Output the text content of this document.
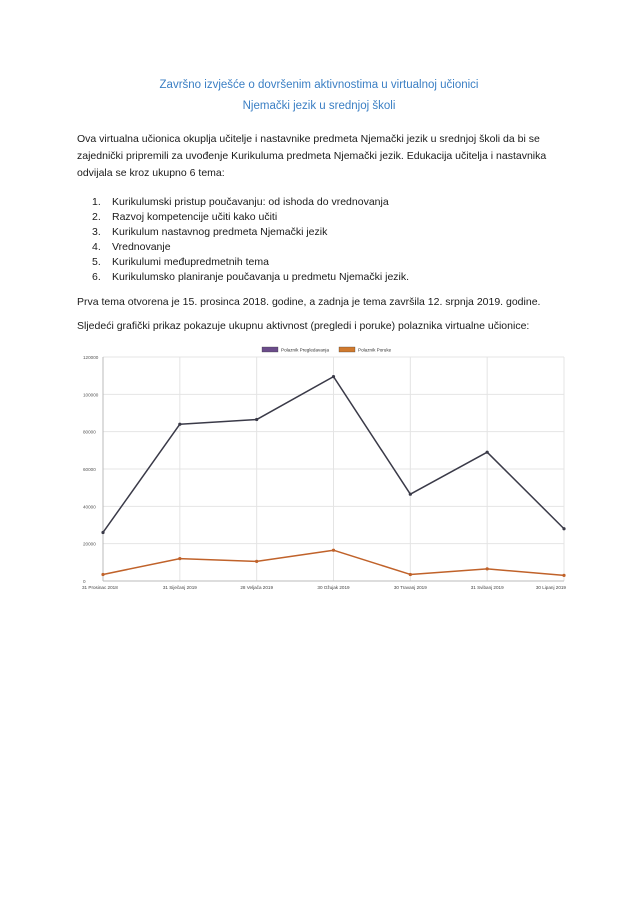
Završno izvješće o dovršenim aktivnostima u virtualnoj učionici
Njemački jezik u srednjoj školi

Ova virtualna učionica okuplja učitelje i nastavnike predmeta Njemački jezik u srednjoj školi da bi se zajednički pripremili za uvođenje Kurikuluma predmeta Njemački jezik. Edukacija učitelja i nastavnika odvijala se kroz ukupno 6 tema:

1. Kurikulumski pristup poučavanju: od ishoda do vrednovanja
2. Razvoj kompetencije učiti kako učiti
3. Kurikulum nastavnog predmeta Njemački jezik
4. Vrednovanje
5. Kurikulumi međupredmetnih tema
6. Kurikulumsko planiranje poučavanja u predmetu Njemački jezik.

Prva tema otvorena je 15. prosinca 2018. godine, a zadnja je tema završila 12. srpnja 2019. godine.

Sljedeći grafički prikaz pokazuje ukupnu aktivnost (pregledi i poruke) polaznika virtualne učionice:

0
20000
40000
60000
80000
100000
120000
31 Prosinac 2018	31 Siječanj 2019	28 Veljača 2019	30 Ožujak 2019	30 Travanj 2019	31 Svibanj 2019	30 Lipanj 2019
Polaznik Pregledavanja	Polaznik Poruke
